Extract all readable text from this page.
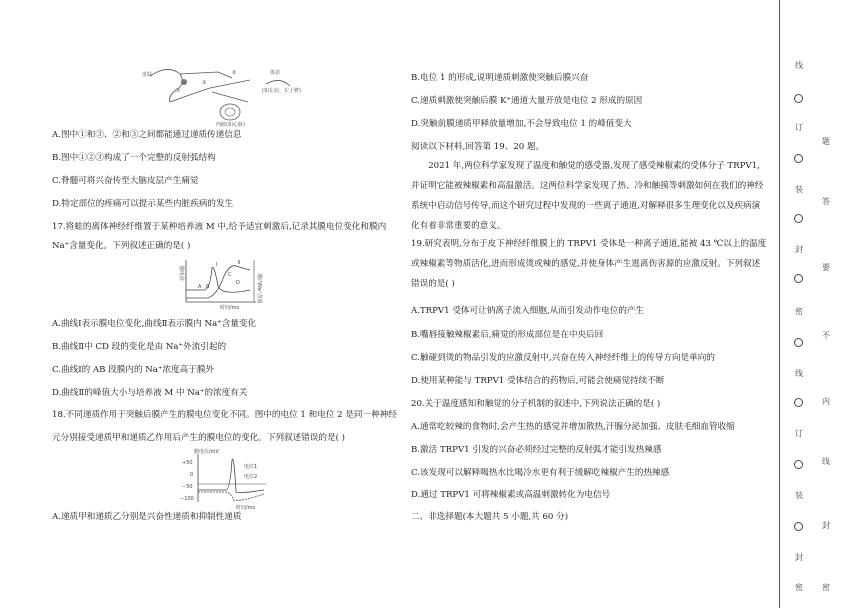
皮肤
①
②
③
体表
(如左肩、左上臂)
内脏(如心脏)
A.图中①和③、②和③之间都能通过递质传递信息
B.图中①②③构成了一个完整的反射弧结构
C.脊髓可将兴奋传至大脑皮层产生痛觉
D.特定部位的疼痛可以提示某些内脏疾病的发生
17.将蛙的离体神经纤维置于某种培养液 M 中,给予适宜刺激后,记录其膜电位变化和膜内
Na⁺含量变化。下列叙述正确的是( )
Ⅰ	Ⅱ
A B
C
D
时间/ms
膜内Na⁺含量
膜电位
A.曲线Ⅰ表示膜电位变化,曲线Ⅱ表示膜内 Na⁺含量变化
B.曲线Ⅱ中 CD 段的变化是由 Na⁺外流引起的
C.曲线Ⅰ的 AB 段膜内的 Na⁺浓度高于膜外
D.曲线Ⅱ的峰值大小与培养液 M 中 Na⁺的浓度有关
18.不同递质作用于突触后膜产生的膜电位变化不同。图中的电位 1 和电位 2 是同一种神经
元分别接受递质甲和递质乙作用后产生的膜电位的变化。下列叙述错误的是( )
膜电位/mV
+50
0
−50
−100
电位1
电位2
时间/ms
A.递质甲和递质乙分别是兴奋性递质和抑制性递质
B.电位 1 的形成,说明递质刺激使突触后膜兴奋
C.递质刺激使突触后膜 K⁺通道大量开放是电位 2 形成的原因
D.突触前膜递质甲释放量增加,不会导致电位 1 的峰值变大
阅读以下材料,回答第 19、20 题。
2021 年,两位科学家发现了温度和触觉的感受器,发现了感受辣椒素的受体分子 TRPV1,并证明它能被辣椒素和高温激活。这两位科学家发现了热、冷和触摸等刺激如何在我们的神经系统中启动信号传导,而这个研究过程中发现的一些离子通道,对解释很多生理变化以及疾病演化有着非常重要的意义。
19.研究表明,分布于皮下神经纤维膜上的 TRPV1 受体是一种离子通道,能被 43 ℃以上的温度或辣椒素等物质活化,进而形成烫或辣的感觉,并使身体产生逃离伤害源的应激反射。下列叙述错误的是( )
A.TRPV1 受体可让钠离子流入细胞,从而引发动作电位的产生
B.嘴唇接触辣椒素后,痛觉的形成部位是在中央后回
C.触碰到烫的物品引发的应激反射中,兴奋在传入神经纤维上的传导方向是单向的
D.使用某种能与 TRPV1 受体结合的药物后,可能会使痛觉持续不断
20.关于温度感知和触觉的分子机制的叙述中,下列说法正确的是( )
A.通常吃较辣的食物时,会产生热的感觉并增加散热,汗腺分泌加强、皮肤毛细血管收缩
B.激活 TRPV1 引发的兴奋必须经过完整的反射弧才能引发热辣感
C.该发现可以解释喝热水比喝冷水更有利于缓解吃辣椒产生的热辣感
D.通过 TRPV1 可将辣椒素或高温刺激转化为电信号
二、非选择题(本大题共 5 小题,共 60 分)
线
订
装
封
密
线
订
装
封
密
题
答
要
不
内
线
封
密
